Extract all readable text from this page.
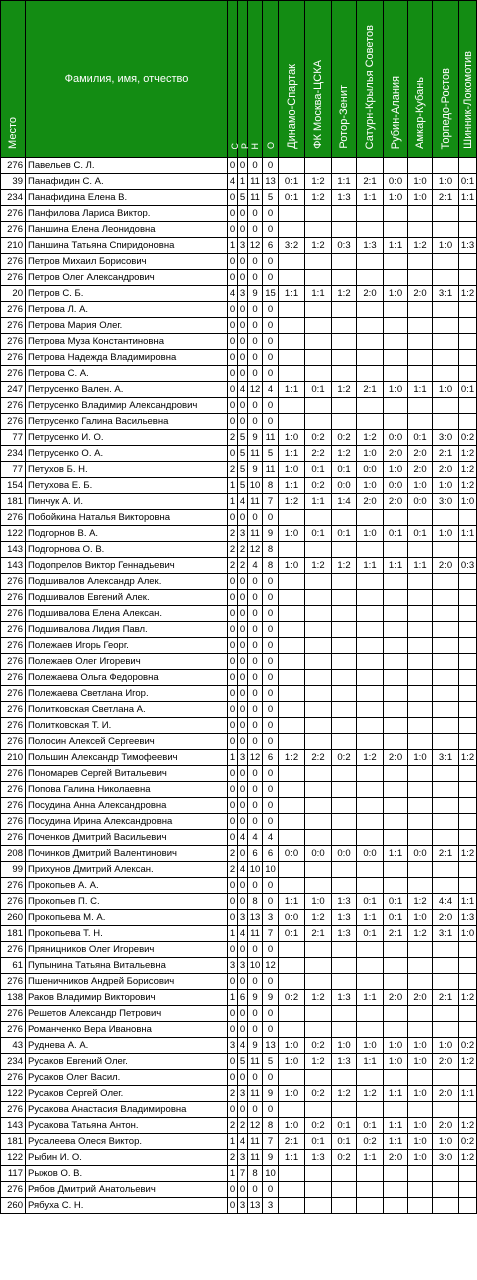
Место	Фамилия, имя, отчество	С	Р	Н	О	Динамо-Спартак	ФК Москва-ЦСКА	Ротор-Зенит	Сатурн-Крылья Советов	Рубин-Алания	Амкар-Кубань	Торпедо-Ростов	Шинник-Локомотив
276	Павельев С. Л.	0	0	0	0								
39	Панафидин С. А.	4	1	11	13	0:1	1:2	1:1	2:1	0:0	1:0	1:0	0:1
234	Панафидина Елена В.	0	5	11	5	0:1	1:2	1:3	1:1	1:0	1:0	2:1	1:1
276	Панфилова Лариса Виктор.	0	0	0	0								
276	Паншина Елена Леонидовна	0	0	0	0								
210	Паншина Татьяна Спиридоновна	1	3	12	6	3:2	1:2	0:3	1:3	1:1	1:2	1:0	1:3
276	Петров Михаил Борисович	0	0	0	0								
276	Петров Олег Александрович	0	0	0	0								
20	Петров С. Б.	4	3	9	15	1:1	1:1	1:2	2:0	1:0	2:0	3:1	1:2
276	Петрова Л. А.	0	0	0	0								
276	Петрова Мария Олег.	0	0	0	0								
276	Петрова Муза Константиновна	0	0	0	0								
276	Петрова Надежда Владимировна	0	0	0	0								
276	Петрова С. А.	0	0	0	0								
247	Петрусенко Вален. А.	0	4	12	4	1:1	0:1	1:2	2:1	1:0	1:1	1:0	0:1
276	Петрусенко Владимир Александрович	0	0	0	0								
276	Петрусенко Галина Васильевна	0	0	0	0								
77	Петрусенко И. О.	2	5	9	11	1:0	0:2	0:2	1:2	0:0	0:1	3:0	0:2
234	Петрусенко О. А.	0	5	11	5	1:1	2:2	1:2	1:0	2:0	2:0	2:1	1:2
77	Петухов Б. Н.	2	5	9	11	1:0	0:1	0:1	0:0	1:0	2:0	2:0	1:2
154	Петухова Е. Б.	1	5	10	8	1:1	0:2	0:0	1:0	0:0	1:0	1:0	1:2
181	Пинчук А. И.	1	4	11	7	1:2	1:1	1:4	2:0	2:0	0:0	3:0	1:0
276	Побойкина Наталья Викторовна	0	0	0	0								
122	Подгорнов В. А.	2	3	11	9	1:0	0:1	0:1	1:0	0:1	0:1	1:0	1:1
143	Подгорнова О. В.	2	2	12	8								
143	Подопрелов Виктор Геннадьевич	2	2	4	8	1:0	1:2	1:2	1:1	1:1	1:1	2:0	0:3
276	Подшивалов Александр Алек.	0	0	0	0								
276	Подшивалов Евгений Алек.	0	0	0	0								
276	Подшивалова Елена Алексан.	0	0	0	0								
276	Подшивалова Лидия Павл.	0	0	0	0								
276	Полежаев Игорь Георг.	0	0	0	0								
276	Полежаев Олег Игоревич	0	0	0	0								
276	Полежаева Ольга Федоровна	0	0	0	0								
276	Полежаева Светлана Игор.	0	0	0	0								
276	Политковская Светлана А.	0	0	0	0								
276	Политковская Т. И.	0	0	0	0								
276	Полосин Алексей Сергеевич	0	0	0	0								
210	Польшин Александр Тимофеевич	1	3	12	6	1:2	2:2	0:2	1:2	2:0	1:0	3:1	1:2
276	Пономарев Сергей Витальевич	0	0	0	0								
276	Попова Галина Николаевна	0	0	0	0								
276	Посудина Анна Александровна	0	0	0	0								
276	Посудина Ирина Александровна	0	0	0	0								
276	Поченков Дмитрий Васильевич	0	4	4	4								
208	Починков Дмитрий Валентинович	2	0	6	6	0:0	0:0	0:0	0:0	1:1	0:0	2:1	1:2
99	Прихунов Дмитрий Алексан.	2	4	10	10								
276	Прокопьев А. А.	0	0	0	0								
276	Прокопьев П. С.	0	0	8	0	1:1	1:0	1:3	0:1	0:1	1:2	4:4	1:1
260	Прокопьева М. А.	0	3	13	3	0:0	1:2	1:3	1:1	0:1	1:0	2:0	1:3
181	Прокопьева Т. Н.	1	4	11	7	0:1	2:1	1:3	0:1	2:1	1:2	3:1	1:0
276	Пряницников Олег Игоревич	0	0	0	0								
61	Пупынина Татьяна Витальевна	3	3	10	12								
276	Пшеничников Андрей Борисович	0	0	0	0								
138	Раков Владимир Викторович	1	6	9	9	0:2	1:2	1:3	1:1	2:0	2:0	2:1	1:2
276	Решетов Александр Петрович	0	0	0	0								
276	Романченко Вера Ивановна	0	0	0	0								
43	Руднева А. А.	3	4	9	13	1:0	0:2	1:0	1:0	1:0	1:0	1:0	0:2
234	Русаков Евгений Олег.	0	5	11	5	1:0	1:2	1:3	1:1	1:0	1:0	2:0	1:2
276	Русаков Олег Васил.	0	0	0	0								
122	Русаков Сергей Олег.	2	3	11	9	1:0	0:2	1:2	1:2	1:1	1:0	2:0	1:1
276	Русакова Анастасия Владимировна	0	0	0	0								
143	Русакова Татьяна Антон.	2	2	12	8	1:0	0:2	0:1	0:1	1:1	1:0	2:0	1:2
181	Русалеева Олеся Виктор.	1	4	11	7	2:1	0:1	0:1	0:2	1:1	1:0	1:0	0:2
122	Рыбин И. О.	2	3	11	9	1:1	1:3	0:2	1:1	2:0	1:0	3:0	1:2
117	Рыжов О. В.	1	7	8	10								
276	Рябов Дмитрий Анатольевич	0	0	0	0								
260	Рябуха С. Н.	0	3	13	3								
